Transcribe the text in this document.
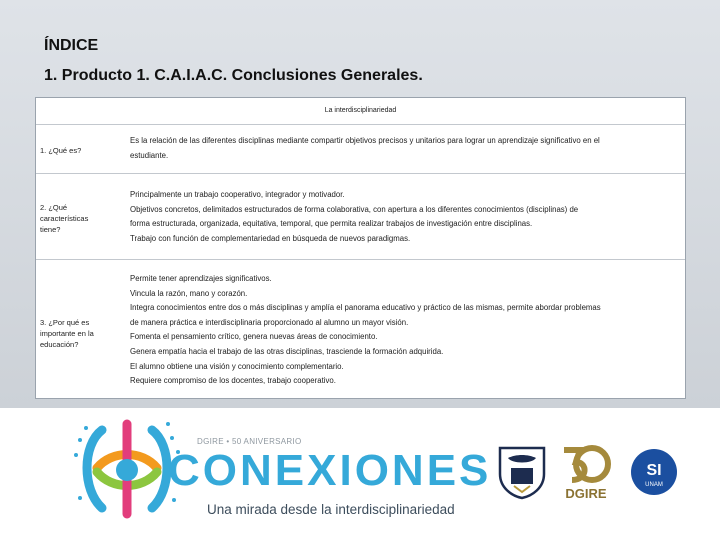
ÍNDICE
1. Producto 1. C.A.I.A.C. Conclusiones Generales.
La interdisciplinariedad
1. ¿Qué es?
Es la relación de las diferentes disciplinas mediante compartir objetivos precisos y unitarios para lograr un aprendizaje significativo en el
estudiante.
2. ¿Qué características tiene?
Principalmente un trabajo cooperativo, integrador y motivador.
Objetivos concretos, delimitados estructurados de forma colaborativa, con apertura a los diferentes conocimientos (disciplinas) de
forma estructurada, organizada, equitativa, temporal, que permita realizar trabajos de investigación entre disciplinas.
Trabajo con función de complementariedad en búsqueda de nuevos paradigmas.
3. ¿Por qué es importante en la educación?
Permite tener aprendizajes significativos.
Vincula la razón, mano y corazón.
Integra conocimientos entre dos o más disciplinas y amplía el panorama educativo y práctico de las mismas, permite abordar problemas
de manera práctica e interdisciplinaria proporcionado al alumno un mayor visión.
Fomenta el pensamiento crítico, genera nuevas áreas de conocimiento.
Genera empatía hacia el trabajo de las otras disciplinas, trasciende la formación adquirida.
El alumno obtiene una visión y conocimiento complementario.
Requiere compromiso de los docentes, trabajo cooperativo.
DGIRE • 50 ANIVERSARIO
CONEXIONES
Una mirada desde la interdisciplinariedad
DGIRE
SI
UNAM
